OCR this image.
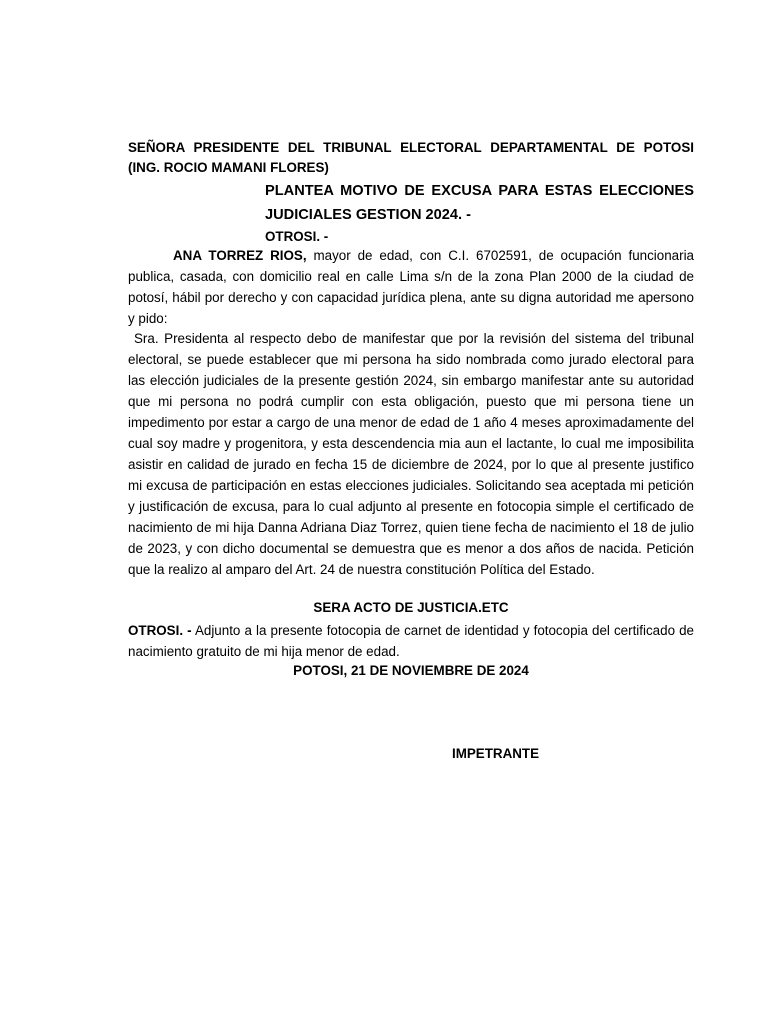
SEÑORA PRESIDENTE DEL TRIBUNAL ELECTORAL DEPARTAMENTAL DE POTOSI (ING. ROCIO MAMANI FLORES)
PLANTEA MOTIVO DE EXCUSA PARA ESTAS ELECCIONES JUDICIALES GESTION 2024. -
OTROSI. -
ANA TORREZ RIOS, mayor de edad, con C.I. 6702591, de ocupación funcionaria publica, casada, con domicilio real en calle Lima s/n de la zona Plan 2000 de la ciudad de potosí, hábil por derecho y con capacidad jurídica plena, ante su digna autoridad me apersono y pido:
Sra. Presidenta al respecto debo de manifestar que por la revisión del sistema del tribunal electoral, se puede establecer que mi persona ha sido nombrada como jurado electoral para las elección judiciales de la presente gestión 2024, sin embargo manifestar ante su autoridad que mi persona no podrá cumplir con esta obligación, puesto que mi persona tiene un impedimento por estar a cargo de una menor de edad de 1 año 4 meses aproximadamente del cual soy madre y progenitora, y esta descendencia mia aun el lactante, lo cual me imposibilita asistir en calidad de jurado en fecha 15 de diciembre de 2024, por lo que al presente justifico mi excusa de participación en estas elecciones judiciales. Solicitando sea aceptada mi petición y justificación de excusa, para lo cual adjunto al presente en fotocopia simple el certificado de nacimiento de mi hija Danna Adriana Diaz Torrez, quien tiene fecha de nacimiento el 18 de julio de 2023, y con dicho documental se demuestra que es menor a dos años de nacida. Petición que la realizo al amparo del Art. 24 de nuestra constitución Política del Estado.
SERA ACTO DE JUSTICIA.ETC
OTROSI. - Adjunto a la presente fotocopia de carnet de identidad y fotocopia del certificado de nacimiento gratuito de mi hija menor de edad.
POTOSI, 21 DE NOVIEMBRE DE 2024
IMPETRANTE
